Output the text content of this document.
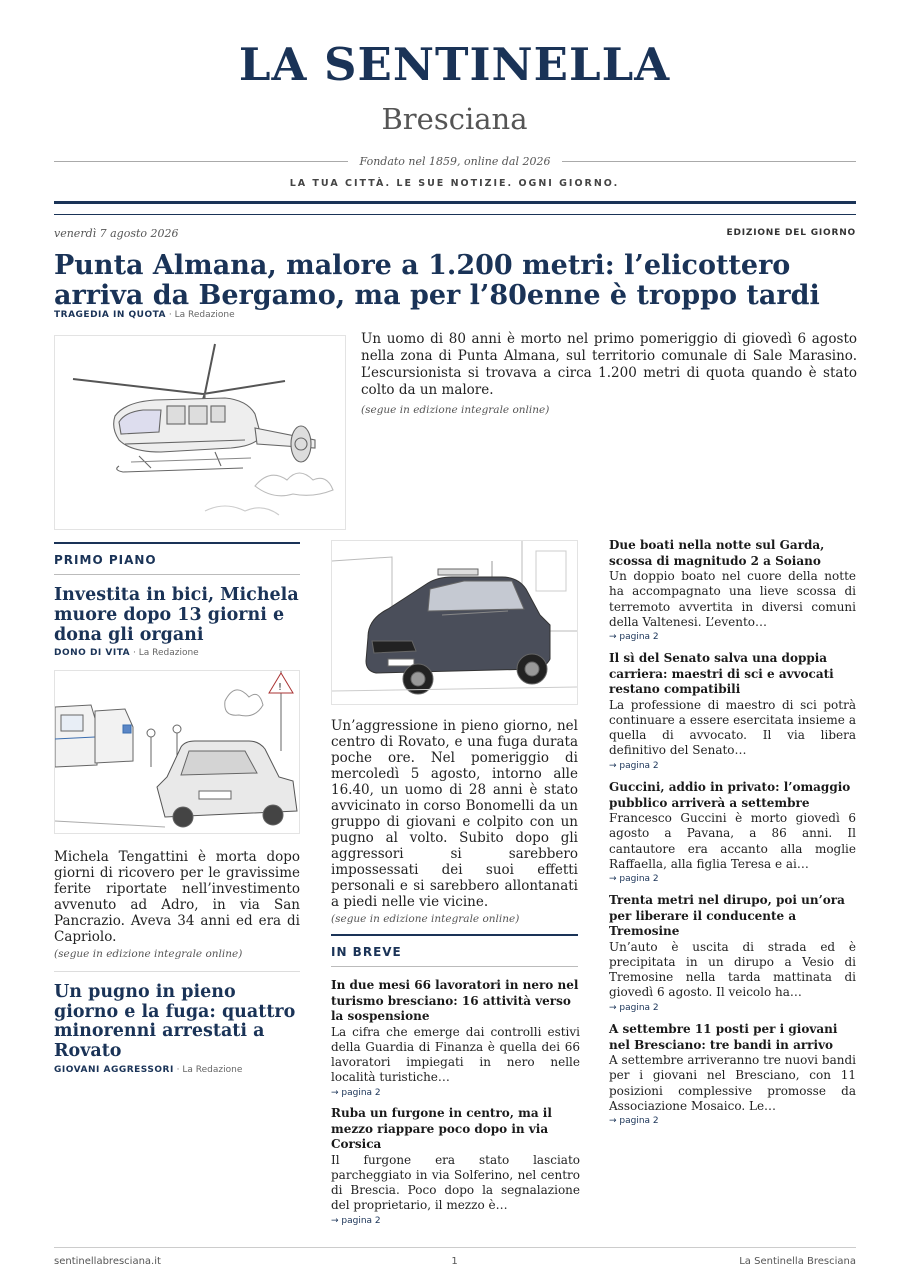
LA SENTINELLA
Bresciana
Fondato nel 1859, online dal 2026
LA TUA CITTÀ. LE SUE NOTIZIE. OGNI GIORNO.
venerdì 7 agosto 2026	EDIZIONE DEL GIORNO
Punta Almana, malore a 1.200 metri: l’elicottero arriva da Bergamo, ma per l’80enne è troppo tardi
TRAGEDIA IN QUOTA · La Redazione

Un uomo di 80 anni è morto nel primo pomeriggio di giovedì 6 agosto nella zona di Punta Almana, sul territorio comunale di Sale Marasino. L’escursionista si trovava a circa 1.200 metri di quota quando è stato colto da un malore.

(segue in edizione integrale online)

PRIMO PIANO
Investita in bici, Michela muore dopo 13 giorni e dona gli organi
DONO DI VITA · La Redazione
!

Michela Tengattini è morta dopo giorni di ricovero per le gravissime ferite riportate nell’investimento avvenuto ad Adro, in via San Pancrazio. Aveva 34 anni ed era di Capriolo.

(segue in edizione integrale online)

Un pugno in pieno giorno e la fuga: quattro minorenni arrestati a Rovato
GIOVANI AGGRESSORI · La Redazione

Un’aggressione in pieno giorno, nel centro di Rovato, e una fuga durata poche ore. Nel pomeriggio di mercoledì 5 agosto, intorno alle 16.40, un uomo di 28 anni è stato avvicinato in corso Bonomelli da un gruppo di giovani e colpito con un pugno al volto. Subito dopo gli aggressori si sarebbero impossessati dei suoi effetti personali e si sarebbero allontanati a piedi nelle vie vicine.

(segue in edizione integrale online)

IN BREVE
In due mesi 66 lavoratori in nero nel turismo bresciano: 16 attività verso la sospensione
La cifra che emerge dai controlli estivi della Guardia di Finanza è quella dei 66 lavoratori impiegati in nero nelle località turistiche…
→ pagina 2
Ruba un furgone in centro, ma il mezzo riappare poco dopo in via Corsica
Il furgone era stato lasciato parcheggiato in via Solferino, nel centro di Brescia. Poco dopo la segnalazione del proprietario, il mezzo è…
→ pagina 2
Due boati nella notte sul Garda, scossa di magnitudo 2 a Soiano
Un doppio boato nel cuore della notte ha accompagnato una lieve scossa di terremoto avvertita in diversi comuni della Valtenesi. L’evento…
→ pagina 2
Il sì del Senato salva una doppia carriera: maestri di sci e avvocati restano compatibili
La professione di maestro di sci potrà continuare a essere esercitata insieme a quella di avvocato. Il via libera definitivo del Senato…
→ pagina 2
Guccini, addio in privato: l’omaggio pubblico arriverà a settembre
Francesco Guccini è morto giovedì 6 agosto a Pavana, a 86 anni. Il cantautore era accanto alla moglie Raffaella, alla figlia Teresa e ai…
→ pagina 2
Trenta metri nel dirupo, poi un’ora per liberare il conducente a Tremosine
Un’auto è uscita di strada ed è precipitata in un dirupo a Vesio di Tremosine nella tarda mattinata di giovedì 6 agosto. Il veicolo ha…
→ pagina 2
A settembre 11 posti per i giovani nel Bresciano: tre bandi in arrivo
A settembre arriveranno tre nuovi bandi per i giovani nel Bresciano, con 11 posizioni complessive promosse da Associazione Mosaico. Le…
→ pagina 2
sentinellabresciana.it	1	La Sentinella Bresciana
